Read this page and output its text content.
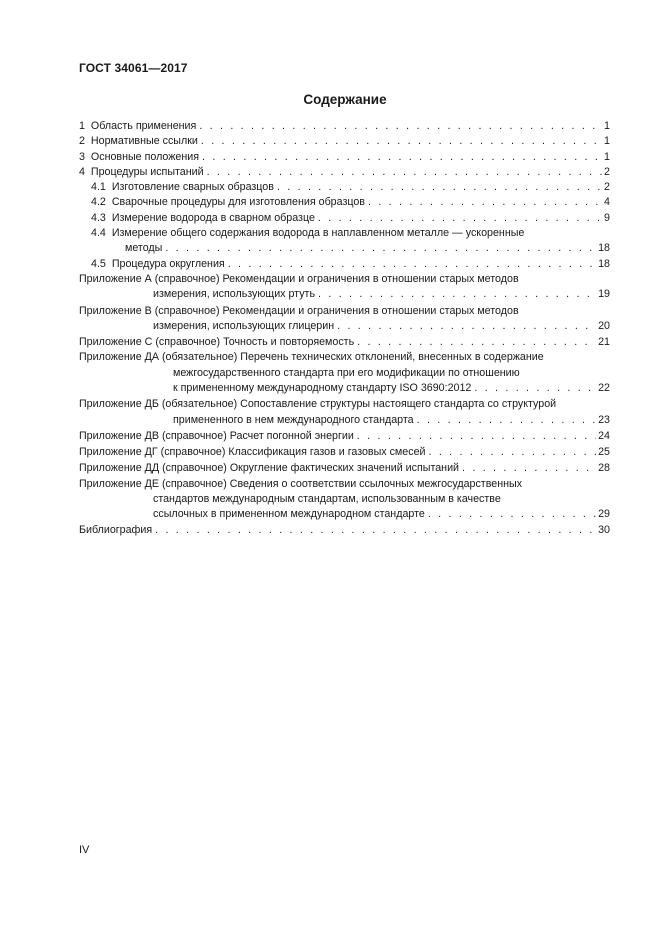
ГОСТ 34061—2017
Содержание
1 Область применения . . .	1
2 Нормативные ссылки . . .	1
3 Основные положения . . .	1
4 Процедуры испытаний . . .	2
4.1 Изготовление сварных образцов . . .	2
4.2 Сварочные процедуры для изготовления образцов . . .	4
4.3 Измерение водорода в сварном образце . . .	9
4.4 Измерение общего содержания водорода в наплавленном металле — ускоренные
методы . . .	18
4.5 Процедура округления . . .	18
Приложение А (справочное) Рекомендации и ограничения в отношении старых методов
измерения, использующих ртуть . . .	19
Приложение В (справочное) Рекомендации и ограничения в отношении старых методов
измерения, использующих глицерин . . .	20
Приложение С (справочное) Точность и повторяемость . . .	21
Приложение ДА (обязательное) Перечень технических отклонений, внесенных в содержание
межгосударственного стандарта при его модификации по отношению
к примененному международному стандарту ISO 3690:2012 . . .	22
Приложение ДБ (обязательное) Сопоставление структуры настоящего стандарта со структурой
примененного в нем международного стандарта . . .	23
Приложение ДВ (справочное) Расчет погонной энергии . . .	24
Приложение ДГ (справочное) Классификация газов и газовых смесей . . .	25
Приложение ДД (справочное) Округление фактических значений испытаний . . .	28
Приложение ДЕ (справочное) Сведения о соответствии ссылочных межгосударственных
стандартов международным стандартам, использованным в качестве
ссылочных в примененном международном стандарте . . .	29
Библиография . . .	30
IV
